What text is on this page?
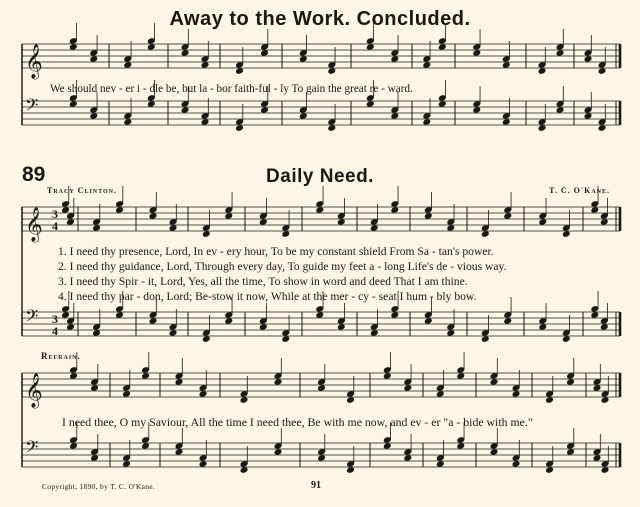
Away to the Work. Concluded.
89	Daily Need.
Tracy Clinton.	T. C. O'Kane.
Refrain.
𝄞
𝄢
𝄞
𝄢
𝄞
𝄢
3
4
3
4
We should nev - er i - dle be, but la - bor faith-ful - ly To gain the great re - ward.
1. I need thy presence, Lord, In ev - ery hour, To be my constant shield From Sa - tan's power.
2. I need thy guidance, Lord, Through every day, To guide my feet a - long Life's de - vious way.
3. I need thy Spir - it, Lord, Yes, all the time, To show in word and deed That I am thine.
4. I need thy par - don, Lord; Be-stow it now, While at the mer - cy - seat I hum - bly bow.
I need thee, O my Saviour, All the time I need thee, Be with me now, and ev - er "a - bide with me."
Copyright, 1890, by T. C. O'Kane.	91
